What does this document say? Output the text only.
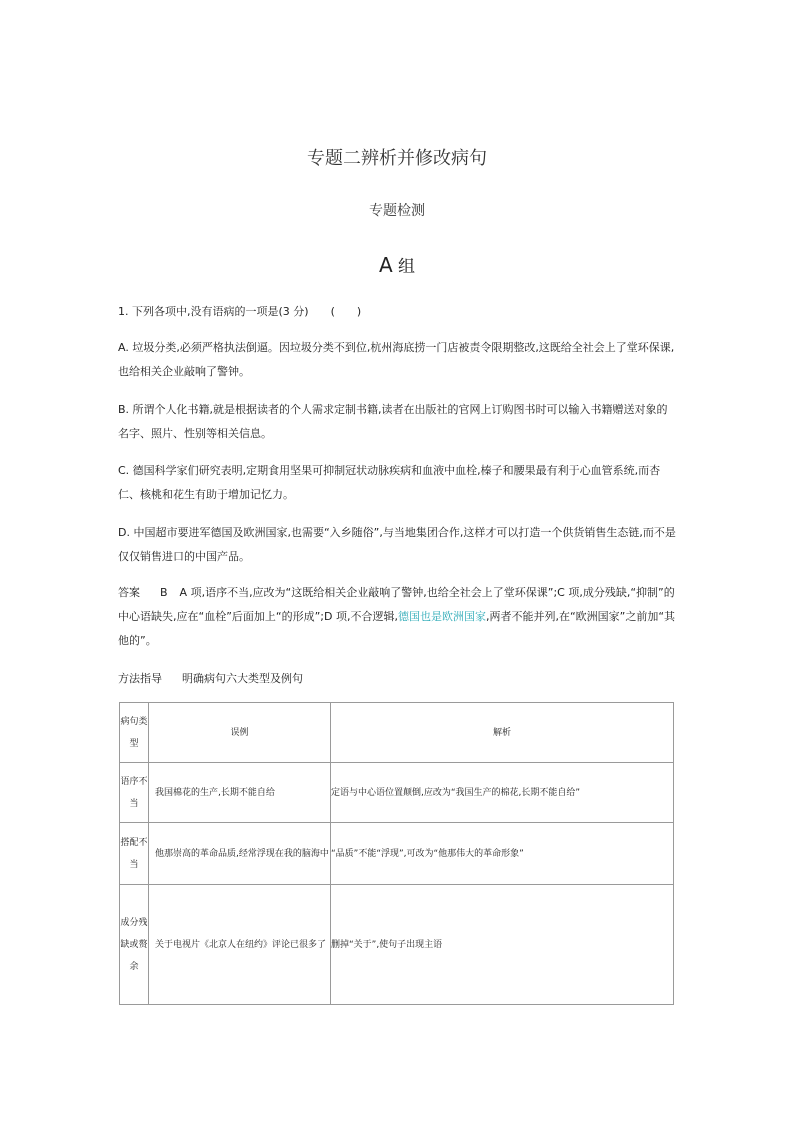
专题二辨析并修改病句
专题检测
A 组
1. 下列各项中,没有语病的一项是(3 分)　　(　　)
A. 垃圾分类,必须严格执法倒逼。因垃圾分类不到位,杭州海底捞一门店被责令限期整改,这既给全社会上了堂环保课,也给相关企业敲响了警钟。
B. 所谓个人化书籍,就是根据读者的个人需求定制书籍,读者在出版社的官网上订购图书时可以输入书籍赠送对象的名字、照片、性别等相关信息。
C. 德国科学家们研究表明,定期食用坚果可抑制冠状动脉疾病和血液中血栓,榛子和腰果最有利于心血管系统,而杏仁、核桃和花生有助于增加记忆力。
D. 中国超市要进军德国及欧洲国家,也需要“入乡随俗”,与当地集团合作,这样才可以打造一个供货销售生态链,而不是仅仅销售进口的中国产品。
答案 B A 项,语序不当,应改为“这既给相关企业敲响了警钟,也给全社会上了堂环保课”;C 项,成分残缺,“抑制”的中心语缺失,应在“血栓”后面加上“的形成”;D 项,不合逻辑,德国也是欧洲国家,两者不能并列,在“欧洲国家”之前加“其他的”。
方法指导 明确病句六大类型及例句
病句类型	误例	解析
语序不当	我国棉花的生产,长期不能自给	定语与中心语位置颠倒,应改为“我国生产的棉花,长期不能自给”
搭配不当	他那崇高的革命品质,经常浮现在我的脑海中	“品质”不能“浮现”,可改为“他那伟大的革命形象”
成分残缺或赘余	关于电视片《北京人在纽约》评论已很多了	删掉“关于”,使句子出现主语
